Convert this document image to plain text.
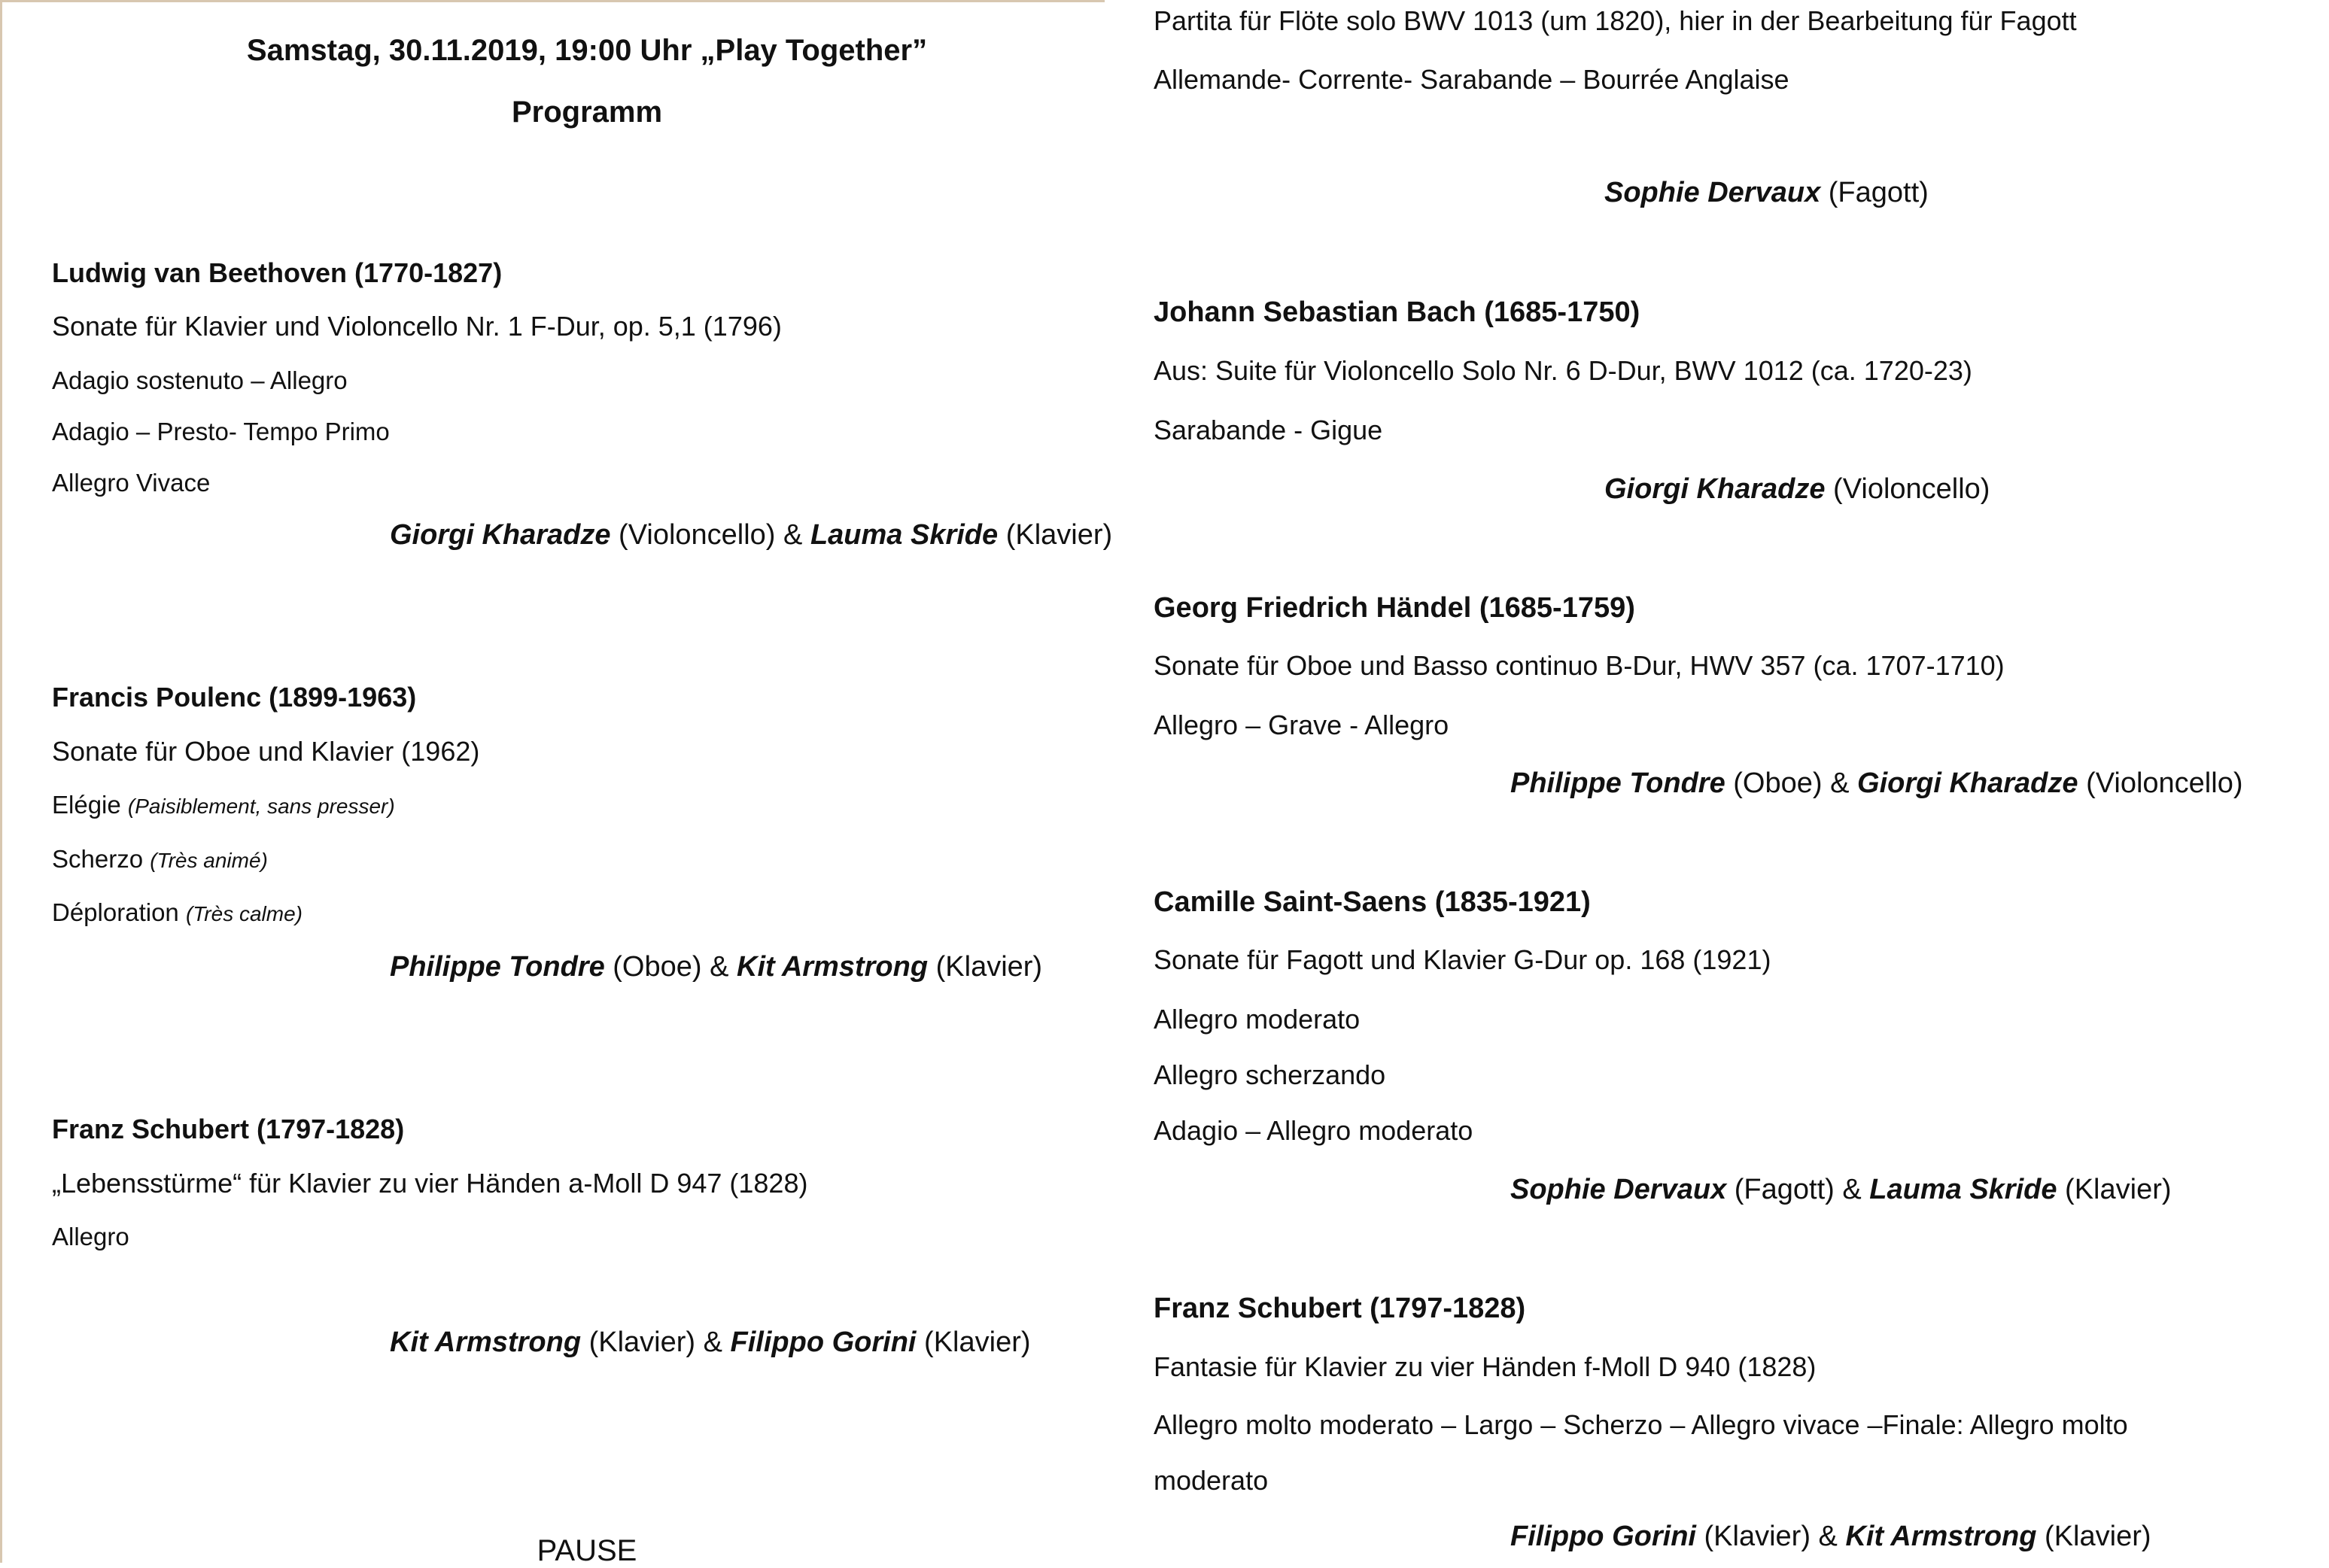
Samstag, 30.11.2019, 19:00 Uhr „Play Together”
Programm
Ludwig van Beethoven (1770-1827)
Sonate für Klavier und Violoncello Nr. 1 F-Dur, op. 5,1 (1796)
Adagio sostenuto – Allegro
Adagio – Presto- Tempo Primo
Allegro Vivace
Giorgi Kharadze (Violoncello) & Lauma Skride (Klavier)
Francis Poulenc (1899-1963)
Sonate für Oboe und Klavier (1962)
Elégie (Paisiblement, sans presser)
Scherzo (Très animé)
Déploration (Très calme)
Philippe Tondre (Oboe) & Kit Armstrong (Klavier)
Franz Schubert (1797-1828)
„Lebensstürme“ für Klavier zu vier Händen a-Moll D 947 (1828)
Allegro
Kit Armstrong (Klavier) & Filippo Gorini (Klavier)
PAUSE
Partita für Flöte solo BWV 1013 (um 1820), hier in der Bearbeitung für Fagott
Allemande- Corrente- Sarabande – Bourrée Anglaise
Sophie Dervaux (Fagott)
Johann Sebastian Bach (1685-1750)
Aus: Suite für Violoncello Solo Nr. 6 D-Dur, BWV 1012 (ca. 1720-23)
Sarabande - Gigue
Giorgi Kharadze (Violoncello)
Georg Friedrich Händel (1685-1759)
Sonate für Oboe und Basso continuo B-Dur, HWV 357 (ca. 1707-1710)
Allegro – Grave - Allegro
Philippe Tondre (Oboe) & Giorgi Kharadze (Violoncello)
Camille Saint-Saens (1835-1921)
Sonate für Fagott und Klavier G-Dur op. 168 (1921)
Allegro moderato
Allegro scherzando
Adagio – Allegro moderato
Sophie Dervaux (Fagott) & Lauma Skride (Klavier)
Franz Schubert (1797-1828)
Fantasie für Klavier zu vier Händen f-Moll D 940 (1828)
Allegro molto moderato – Largo – Scherzo – Allegro vivace –Finale: Allegro molto
moderato
Filippo Gorini (Klavier) & Kit Armstrong (Klavier)
